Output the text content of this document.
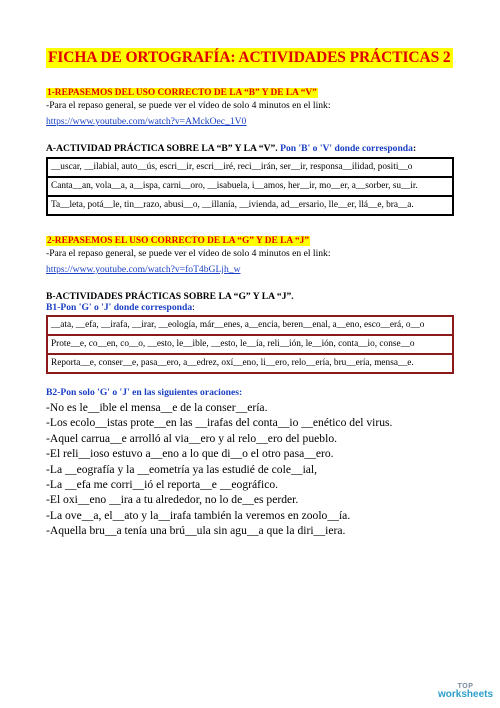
FICHA DE ORTOGRAFÍA: ACTIVIDADES PRÁCTICAS 2
1-REPASEMOS DEL USO CORRECTO DE LA “B” Y DE LA “V”
-Para el repaso general, se puede ver el vídeo de solo 4 minutos en el link:
https://www.youtube.com/watch?v=AMckOec_1V0
A-ACTIVIDAD PRÁCTICA SOBRE LA “B” Y LA “V”. Pon 'B' o 'V' donde corresponda:
__uscar, __ilabial, auto__ús, escri__ir, escri__iré, reci__irán, ser__ir, responsa__ilidad, positi__o
Canta__an, vola__a, a__ispa, carni__oro, __isabuela, i__amos, her__ir, mo__er, a__sorber, su__ir.
Ta__leta, potá__le, tin__razo, abusi__o, __illanía, __ivienda, ad__ersario, lle__er, llá__e, bra__a.
2-REPASEMOS EL USO CORRECTO DE LA “G” Y DE LA “J”
-Para el repaso general, se puede ver el vídeo de solo 4 minutos en el link:
https://www.youtube.com/watch?v=foT4bGLjh_w
B-ACTIVIDADES PRÁCTICAS SOBRE LA “G” Y LA “J”.
B1-Pon 'G' o 'J' donde corresponda:
__ata, __efa, __irafa, __irar, __eología, már__enes, a__encia, beren__enal, a__eno, esco__erá, o__o
Prote__e, co__en, co__o, __esto, le__ible, __esto, le__ía, reli__ión, le__ión, conta__io, conse__o
Reporta__e, conser__e, pasa__ero, a__edrez, oxí__eno, li__ero, relo__ería, bru__ería, mensa__e.
B2-Pon solo 'G' o 'J' en las siguientes oraciones:
-No es le__ible el mensa__e de la conser__ería.
-Los ecolo__istas prote__en las __irafas del conta__io __enético del virus.
-Aquel carrua__e arrolló al via__ero y al relo__ero del pueblo.
-El reli__ioso estuvo a__eno a lo que di__o el otro pasa__ero.
-La __eografía y la __eometría ya las estudié de cole__ial,
-La __efa me corri__ió el reporta__e __eográfico.
-El oxi__eno __ira a tu alrededor, no lo de__es perder.
-La ove__a, el__ato y la__irafa también la veremos en zoolo__ía.
-Aquella bru__a tenía una brú__ula sin agu__a que la diri__iera.
TOP
worksheets
